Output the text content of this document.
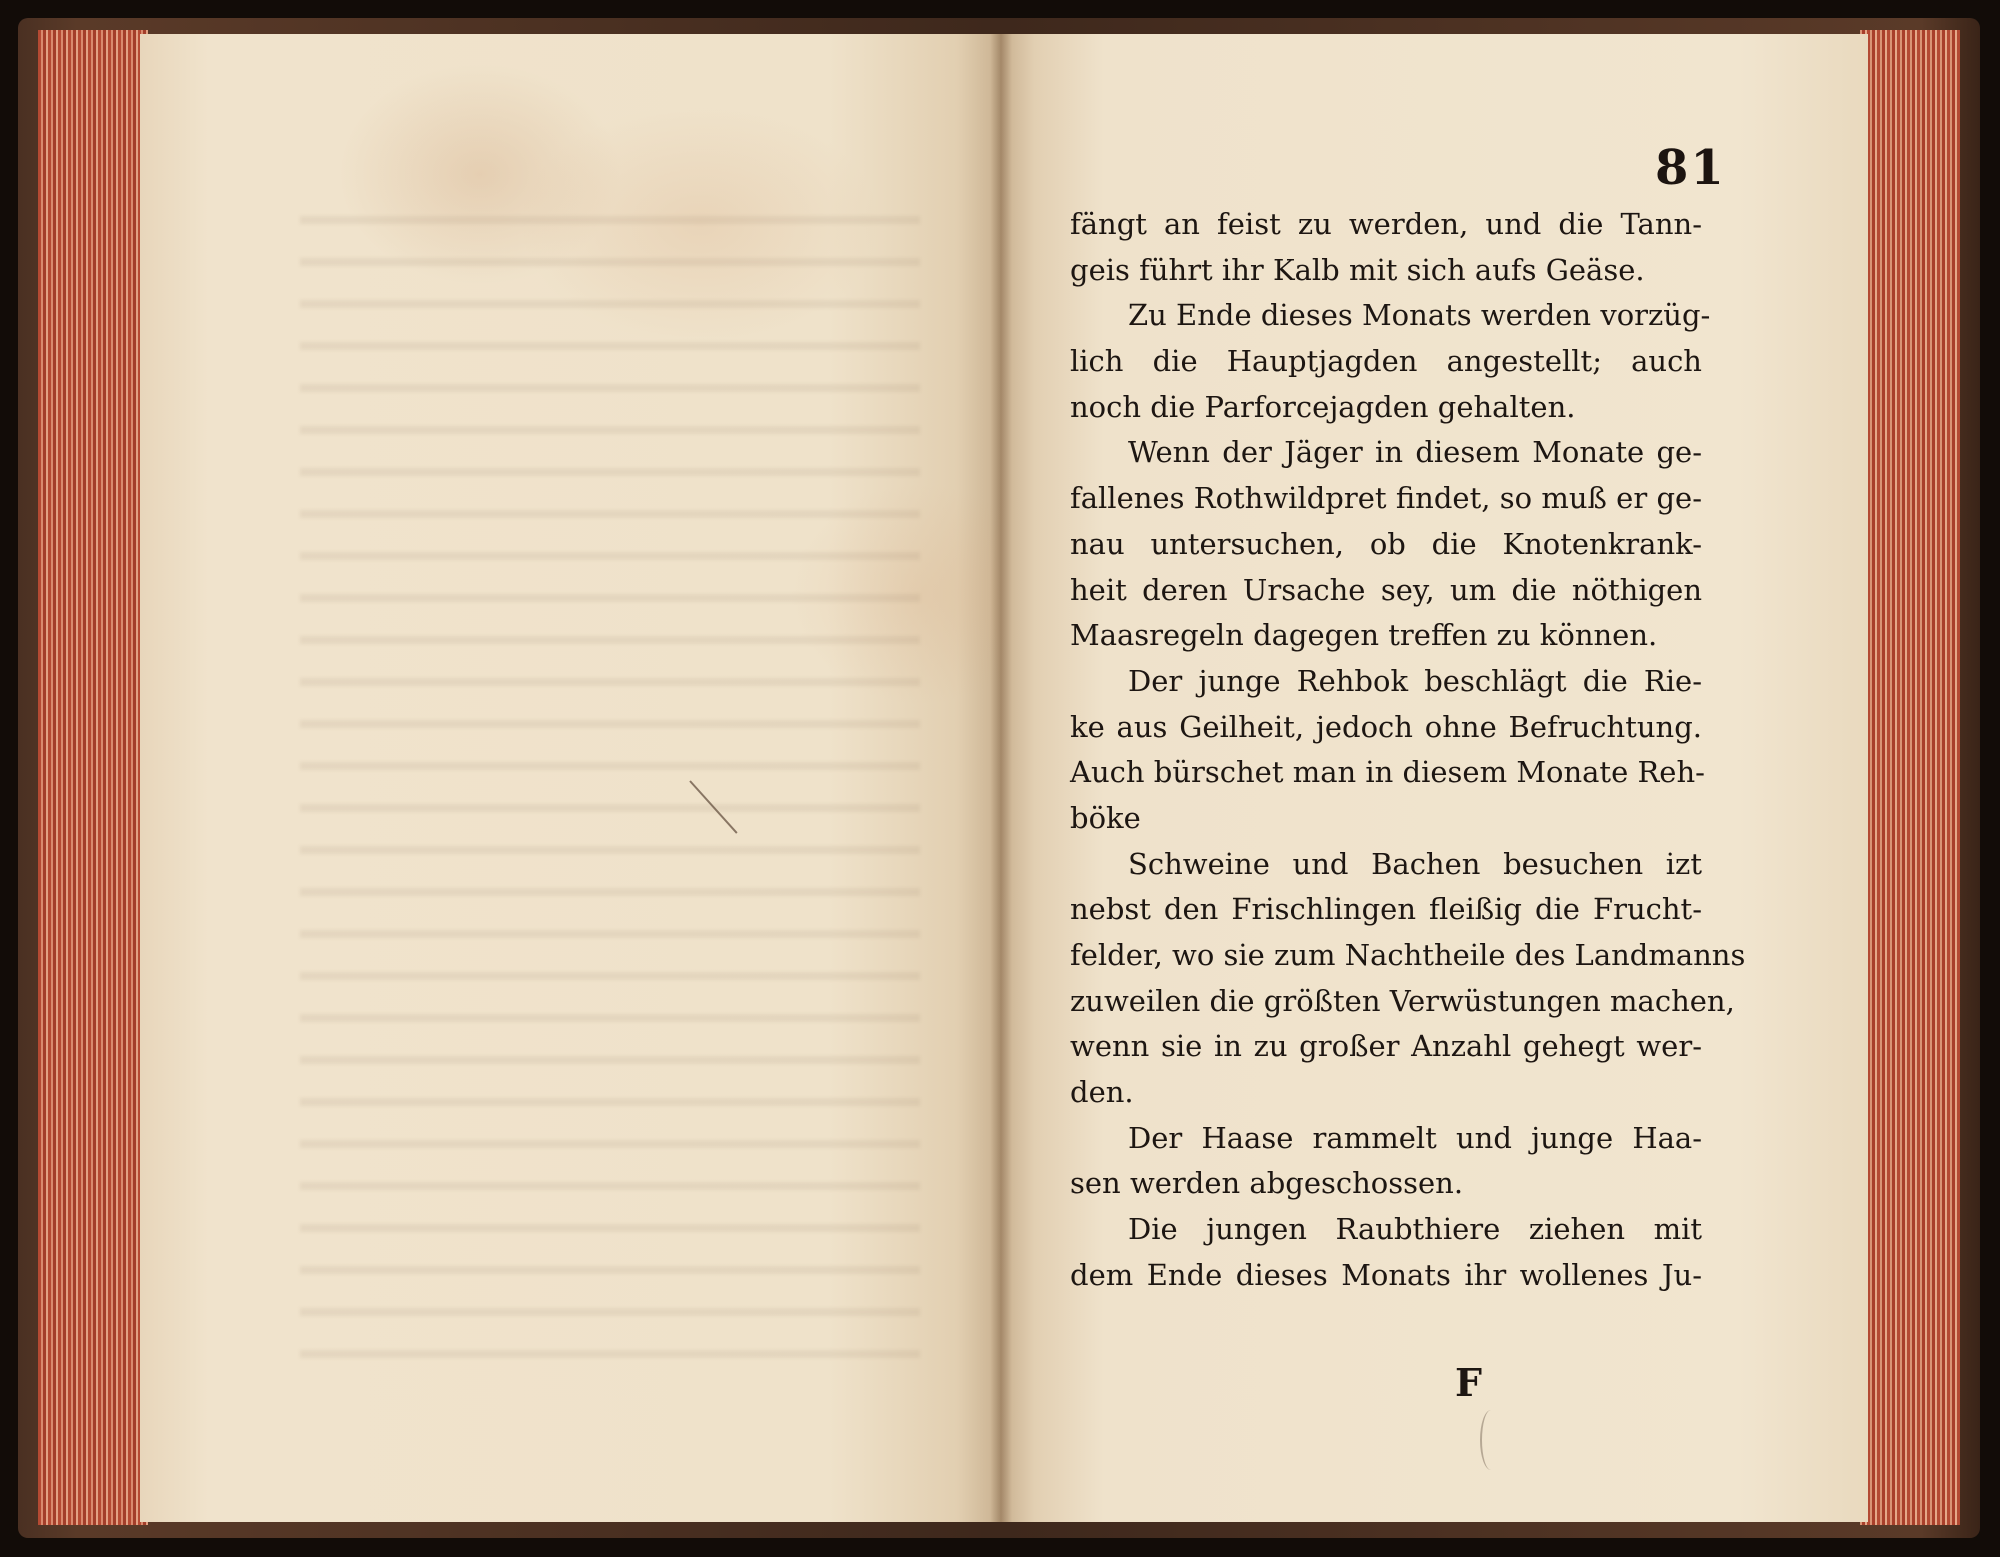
81
fängt an feist zu werden, und die Tann-
geis führt ihr Kalb mit sich aufs Geäse.
Zu Ende dieses Monats werden vorzüg-
lich die Hauptjagden angestellt; auch
noch die Parforcejagden gehalten.
Wenn der Jäger in diesem Monate ge-
fallenes Rothwildpret findet, so muß er ge-
nau untersuchen, ob die Knotenkrank-
heit deren Ursache sey, um die nöthigen
Maasregeln dagegen treffen zu können.
Der junge Rehbok beschlägt die Rie-
ke aus Geilheit, jedoch ohne Befruchtung.
Auch bürschet man in diesem Monate Reh-
böke
Schweine und Bachen besuchen izt
nebst den Frischlingen fleißig die Frucht-
felder, wo sie zum Nachtheile des Landmanns
zuweilen die größten Verwüstungen machen,
wenn sie in zu großer Anzahl gehegt wer-
den.
Der Haase rammelt und junge Haa-
sen werden abgeschossen.
Die jungen Raubthiere ziehen mit
dem Ende dieses Monats ihr wollenes Ju-
F
